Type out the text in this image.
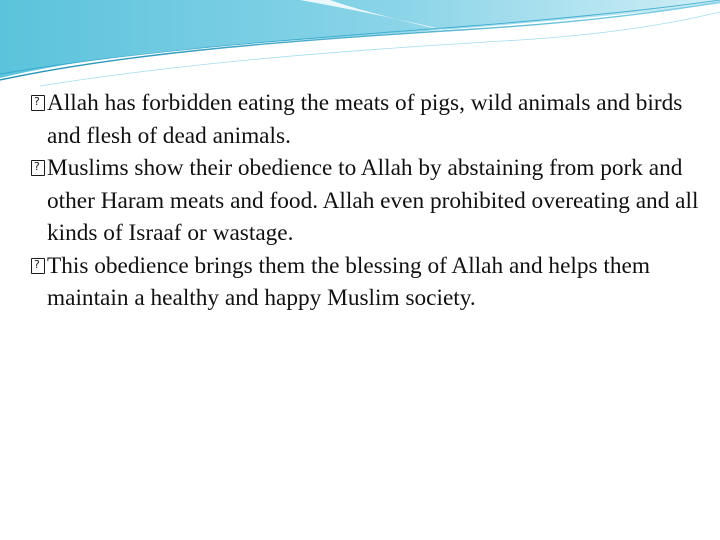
?
Allah has forbidden eating the meats of pigs, wild animals and birds and flesh of dead animals.
?
Muslims show their obedience to Allah by abstaining from pork and other Haram meats and food. Allah even prohibited overeating and all kinds of Israaf or wastage.
?
This obedience brings them the blessing of Allah and helps them maintain a healthy and happy Muslim society.
